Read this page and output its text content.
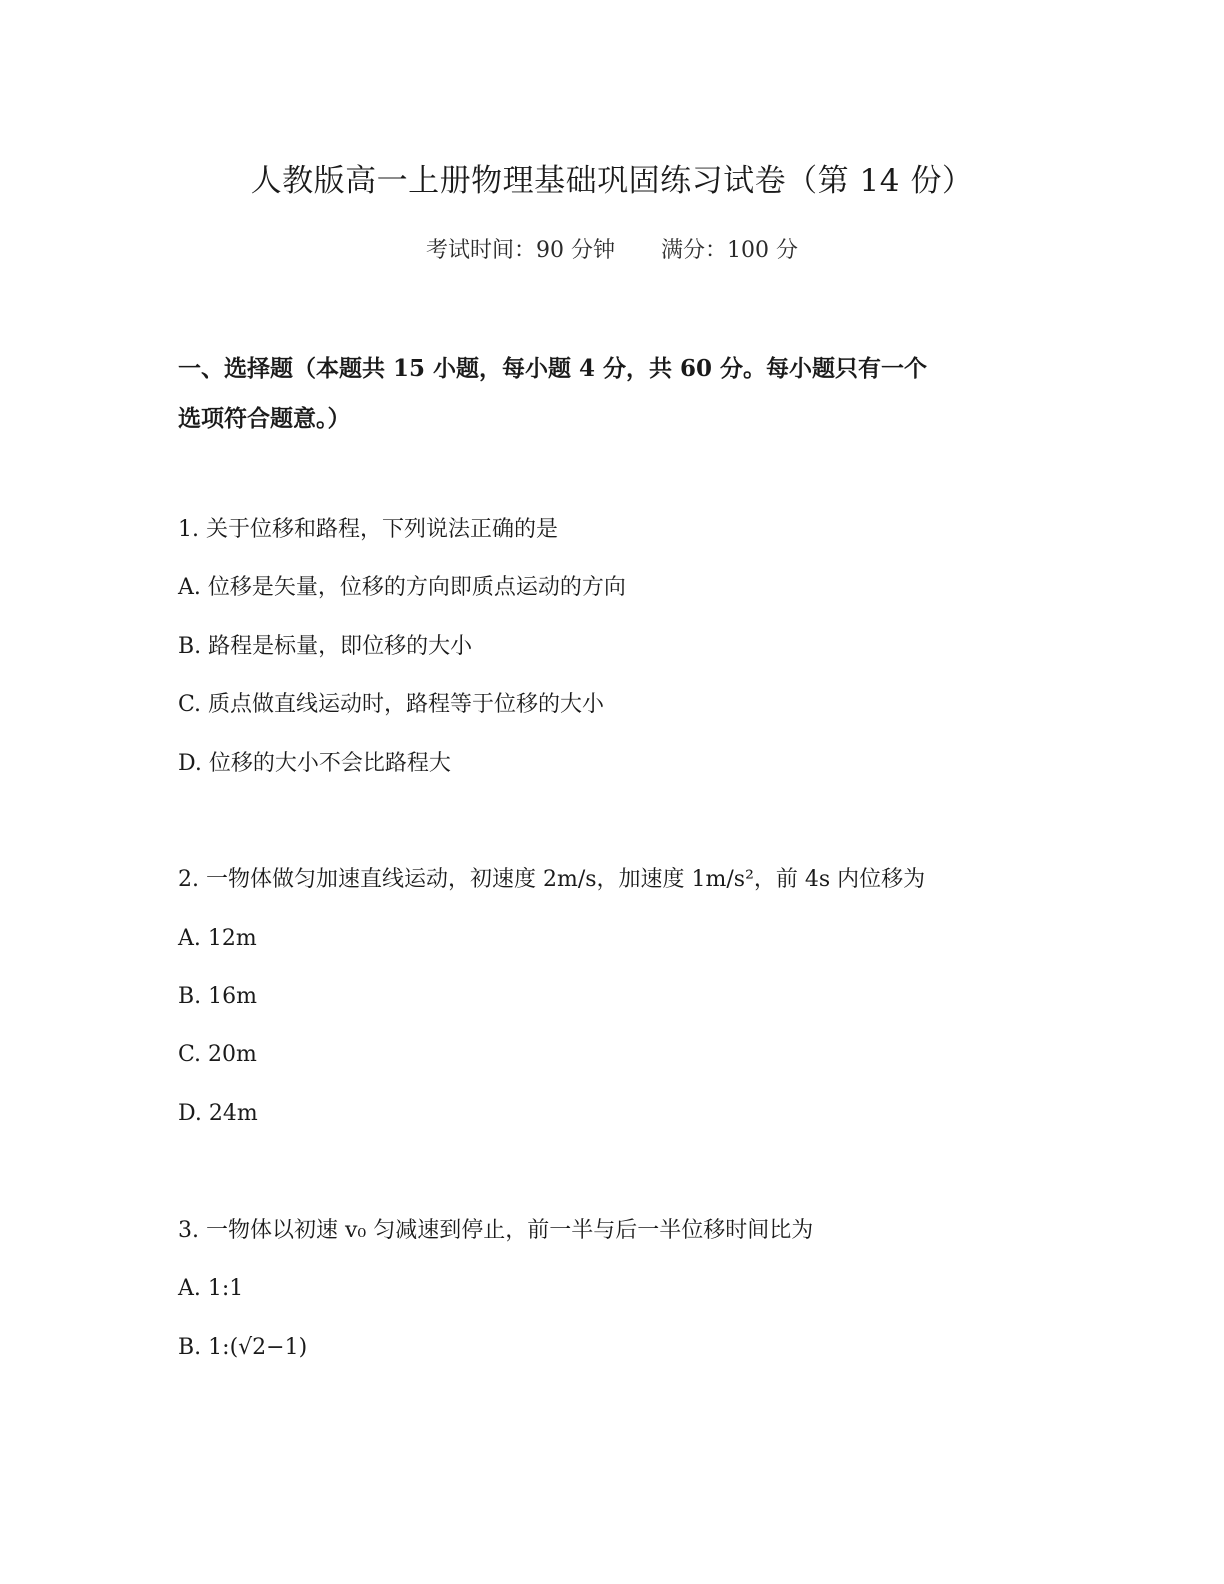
人教版高一上册物理基础巩固练习试卷（第 14 份）
考试时间：90 分钟 满分：100 分
一、选择题（本题共 15 小题，每小题 4 分，共 60 分。每小题只有一个
选项符合题意。）
1. 关于位移和路程，下列说法正确的是
A. 位移是矢量，位移的方向即质点运动的方向
B. 路程是标量，即位移的大小
C. 质点做直线运动时，路程等于位移的大小
D. 位移的大小不会比路程大
2. 一物体做匀加速直线运动，初速度 2m/s，加速度 1m/s²，前 4s 内位移为
A. 12m
B. 16m
C. 20m
D. 24m
3. 一物体以初速 v₀ 匀减速到停止，前一半与后一半位移时间比为
A. 1:1
B. 1:(√2−1)
